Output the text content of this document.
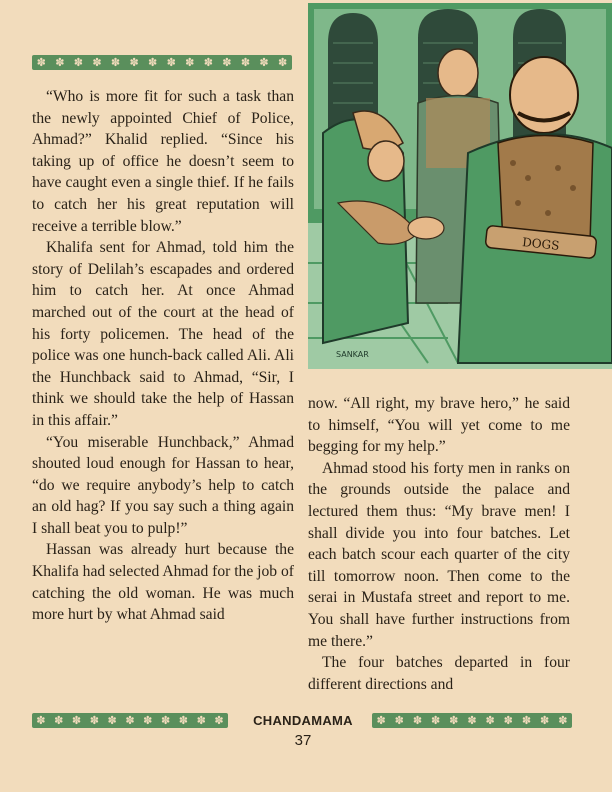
✽ ✽ ✽ ✽ ✽ ✽ ✽ ✽ ✽ ✽ ✽ ✽ ✽ ✽

“Who is more fit for such a task than the newly appointed Chief of Police, Ahmad?” Khalid replied. “Since his taking up of office he doesn’t seem to have caught even a single thief. If he fails to catch her his great reputation will receive a terrible blow.”

Khalifa sent for Ahmad, told him the story of Delilah’s escapades and ordered him to catch her. At once Ahmad marched out of the court at the head of his forty policemen. The head of the police was one hunch-back called Ali. Ali the Hunchback said to Ahmad, “Sir, I think we should take the help of Hassan in this affair.”

“You miserable Hunchback,” Ahmad shouted loud enough for Hassan to hear, “do we require anybody’s help to catch an old hag? If you say such a thing again I shall beat you to pulp!”

Hassan was already hurt because the Khalifa had selected Ahmad for the job of catching the old woman. He was much more hurt by what Ahmad said

DOGS
SANKAR

now. “All right, my brave hero,” he said to himself, “You will yet come to me begging for my help.”

Ahmad stood his forty men in ranks on the grounds outside the palace and lectured them thus: “My brave men! I shall divide you into four batches. Let each batch scour each quarter of the city till tomorrow noon. Then come to the serai in Mustafa street and report to me. You shall have further instructions from me there.”

The four batches departed in four different directions and

✽ ✽ ✽ ✽ ✽ ✽ ✽ ✽ ✽ ✽ ✽	CHANDAMAMA	✽ ✽ ✽ ✽ ✽ ✽ ✽ ✽ ✽ ✽ ✽
37
